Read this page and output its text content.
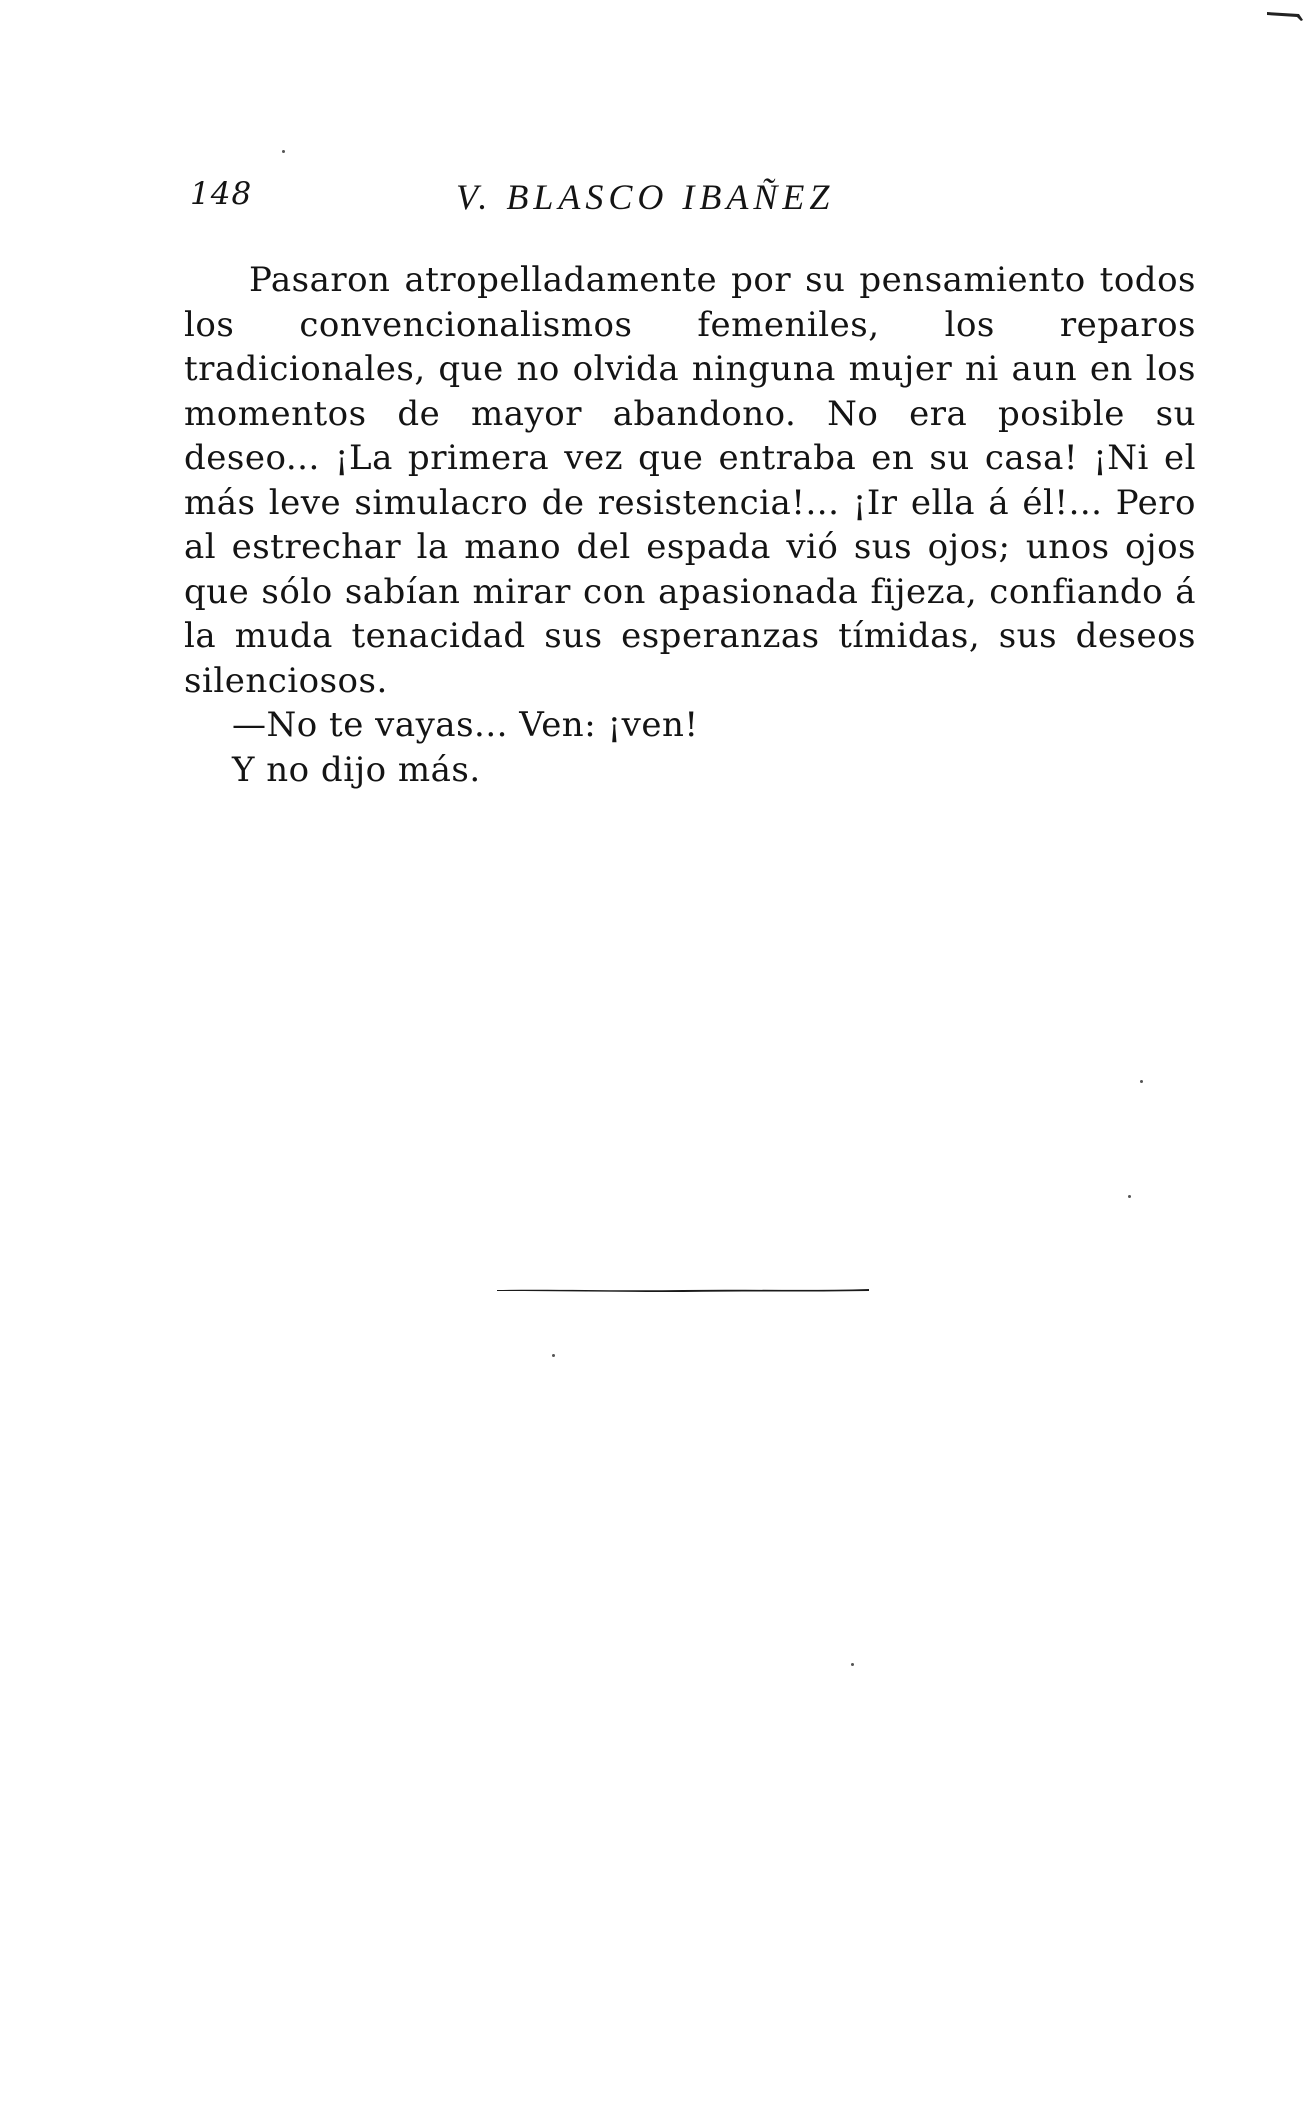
148	V. BLASCO IBAÑEZ

Pasaron atropelladamente por su pensamiento todos los convencionalismos femeniles, los reparos tradicionales, que no olvida ninguna mujer ni aun en los momentos de mayor abandono. No era posible su deseo... ¡La primera vez que entraba en su casa! ¡Ni el más leve simulacro de resistencia!... ¡Ir ella á él!... Pero al estrechar la mano del espada vió sus ojos; unos ojos que sólo sabían mirar con apasionada fijeza, confiando á la muda tenacidad sus esperanzas tímidas, sus deseos silenciosos.

—No te vayas... Ven: ¡ven!

Y no dijo más.
